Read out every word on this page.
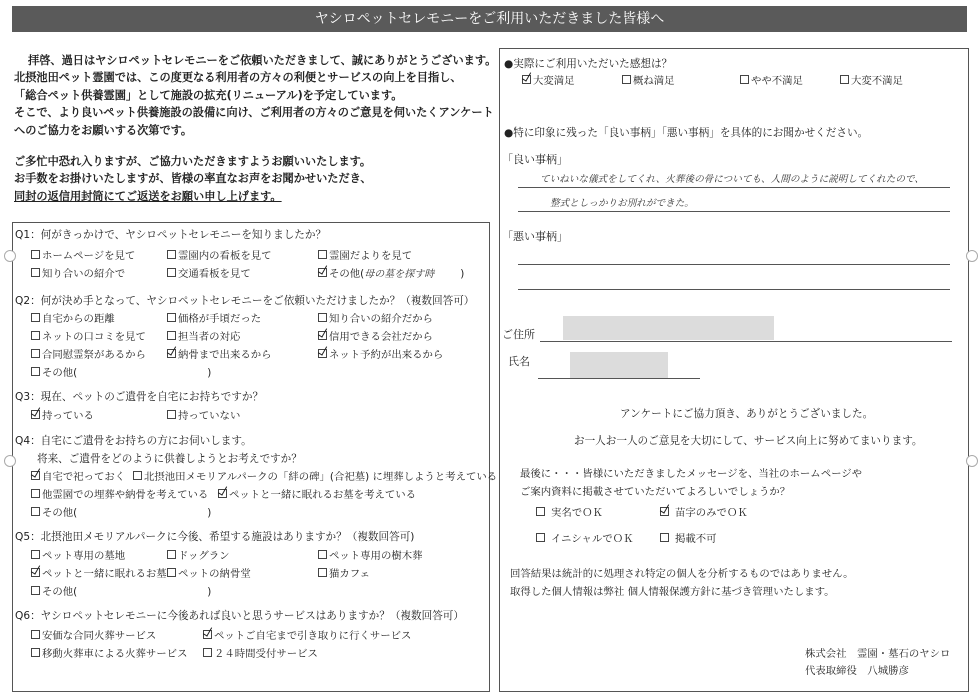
ヤシロペットセレモニーをご利用いただきました皆様へ

拝啓、過日はヤシロペットセレモニーをご依頼いただきまして、誠にありがとうございます。

北摂池田ペット霊園では、この度更なる利用者の方々の利便とサービスの向上を目指し、

「総合ペット供養霊園」として施設の拡充(リニューアル)を予定しています。

そこで、より良いペット供養施設の設備に向け、ご利用者の方々のご意見を伺いたくアンケート

へのご協力をお願いする次第です。

ご多忙中恐れ入りますが、ご協力いただきますようお願いいたします。

お手数をお掛けいたしますが、皆様の率直なお声をお聞かせいただき、

同封の返信用封筒にてご返送をお願い申し上げます。

Q1：何がきっかけで、ヤシロペットセレモニーを知りましたか？
ホームページを見て	霊園内の看板を見て	霊園だよりを見て
知り合いの紹介で	交通看板を見て	その他(母の墓を探す時	)
Q2：何が決め手となって、ヤシロペットセレモニーをご依頼いただけましたか？（複数回答可）
自宅からの距離	価格が手頃だった	知り合いの紹介だから
ネットの口コミを見て	担当者の対応	信用できる会社だから
合同慰霊祭があるから	納骨まで出来るから	ネット予約が出来るから
その他(	)
Q3：現在、ペットのご遺骨を自宅にお持ちですか？
持っている	持っていない
Q4：自宅にご遺骨をお持ちの方にお伺いします。
将来、ご遺骨をどのように供養しようとお考えですか？
自宅で祀っておく	北摂池田メモリアルパークの「絆の碑」(合祀墓) に埋葬しようと考えている
他霊園での埋葬や納骨を考えている	ペットと一緒に眠れるお墓を考えている
その他(	)
Q5：北摂池田メモリアルパークに今後、希望する施設はありますか？（複数回答可)
ペット専用の墓地	ドッグラン	ペット専用の樹木葬
ペットと一緒に眠れるお墓	ペットの納骨堂	猫カフェ
その他(	)
Q6：ヤシロペットセレモニーに今後あれば良いと思うサービスはありますか？（複数回答可）
安価な合同火葬サービス	ペットご自宅まで引き取りに行くサービス
移動火葬車による火葬サービス	２４時間受付サービス
●実際にご利用いただいた感想は？
大変満足	概ね満足	やや不満足	大変不満足
●特に印象に残った「良い事柄」「悪い事柄」を具体的にお聞かせください。
「良い事柄」
ていねいな儀式をしてくれ、火葬後の骨についても、人間のように説明してくれたので、
整式としっかりお別れができた。
「悪い事柄」
ご住所
氏名
アンケートにご協力頂き、ありがとうございました。
お一人お一人のご意見を大切にして、サービス向上に努めてまいります。
最後に・・・皆様にいただきましたメッセージを、当社のホームページや
ご案内資料に掲載させていただいてよろしいでしょうか？
実名でＯＫ	苗字のみでＯＫ
イニシャルでＯＫ	掲載不可
回答結果は統計的に処理され特定の個人を分析するものではありません。
取得した個人情報は弊社 個人情報保護方針に基づき管理いたします。
株式会社　霊園・墓石のヤシロ
代表取締役　八城勝彦
